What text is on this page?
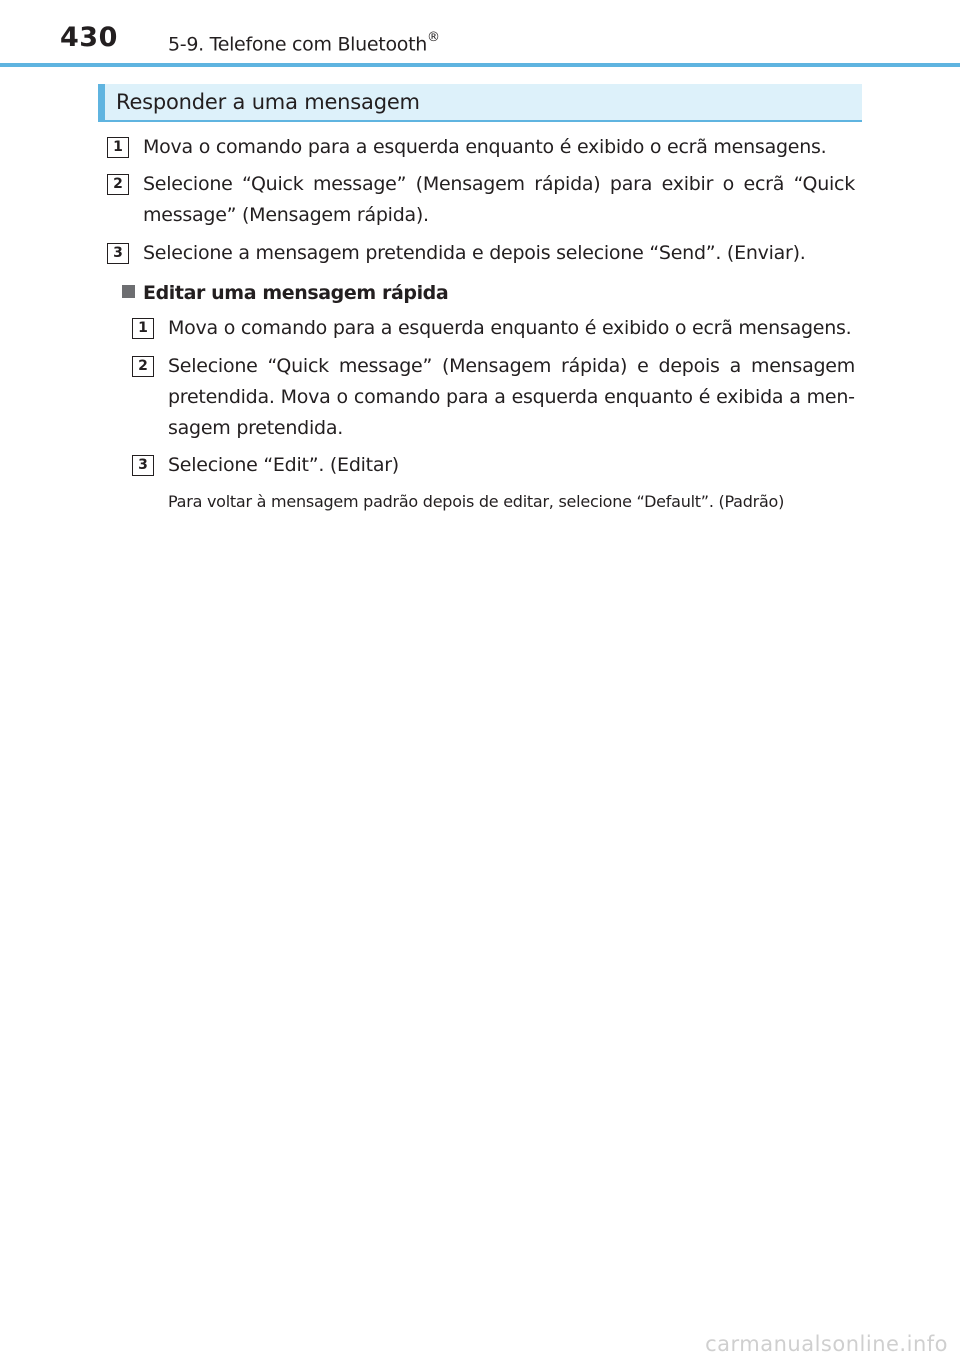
430	5-9. Telefone com Bluetooth®
Responder a uma mensagem
1	Mova o comando para a esquerda enquanto é exibido o ecrã mensagens.
2	Selecione “Quick message” (Mensagem rápida) para exibir o ecrã “Quick message” (Mensagem rápida).
3	Selecione a mensagem pretendida e depois selecione “Send”. (Enviar).
Editar uma mensagem rápida
1	Mova o comando para a esquerda enquanto é exibido o ecrã mensagens.
2	Selecione “Quick message” (Mensagem rápida) e depois a mensagem pretendida. Mova o comando para a esquerda enquanto é exibida a mensagem pretendida.
3	Selecione “Edit”. (Editar)
Para voltar à mensagem padrão depois de editar, selecione “Default”. (Padrão)
carmanualsonline.info
